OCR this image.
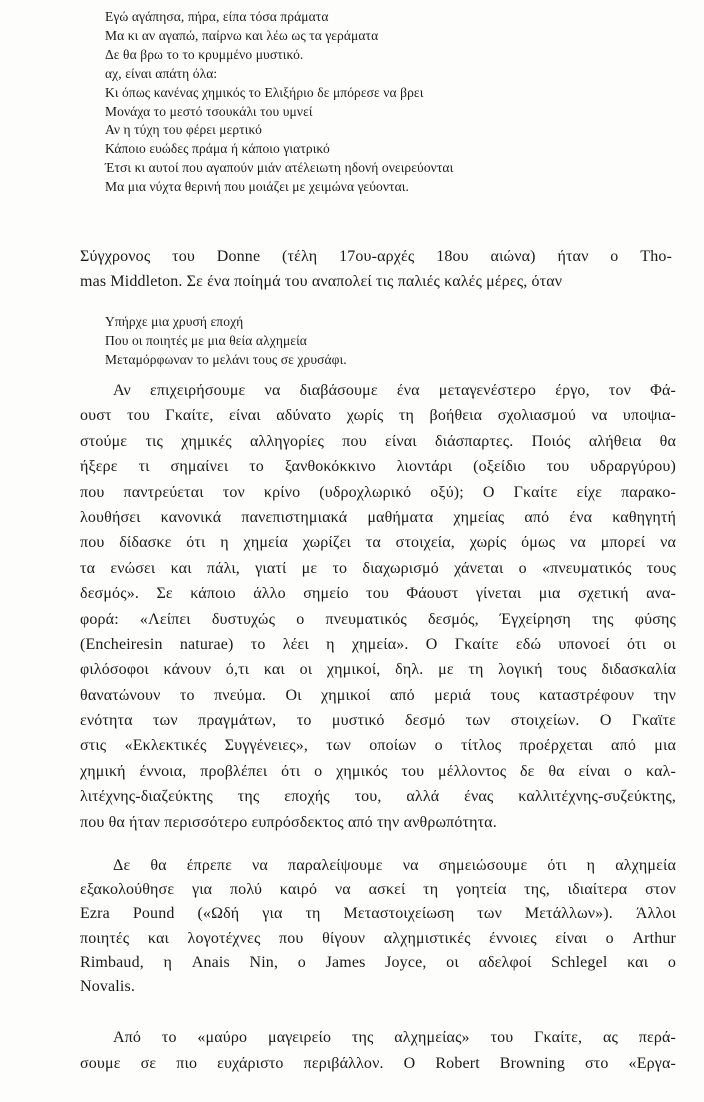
Εγώ αγάπησα, πήρα, είπα τόσα πράματα
Μα κι αν αγαπώ, παίρνω και λέω ως τα γεράματα
Δε θα βρω το το κρυμμένο μυστικό.
αχ, είναι απάτη όλα:
Κι όπως κανένας χημικός το Ελιξήριο δε μπόρεσε να βρει
Μονάχα το μεστό τσουκάλι του υμνεί
Αν η τύχη του φέρει μερτικό
Κάποιο ευώδες πράμα ή κάποιο γιατρικό
Έτσι κι αυτοί που αγαπούν μιάν ατέλειωτη ηδονή ονειρεύονται
Μα μια νύχτα θερινή που μοιάζει με χειμώνα γεύονται.
Σύγχρονος του Donne (τέλη 17ου-αρχές 18ου αιώνα) ήταν ο Tho-
mas Middleton. Σε ένα ποίημά του αναπολεί τις παλιές καλές μέρες, όταν
Υπήρχε μια χρυσή εποχή
Που οι ποιητές με μια θεία αλχημεία
Μεταμόρφωναν το μελάνι τους σε χρυσάφι.
Αν επιχειρήσουμε να διαβάσουμε ένα μεταγενέστερο έργο, τον Φά-
ουστ του Γκαίτε, είναι αδύνατο χωρίς τη βοήθεια σχολιασμού να υποψια-
στούμε τις χημικές αλληγορίες που είναι διάσπαρτες. Ποιός αλήθεια θα
ήξερε τι σημαίνει το ξανθοκόκκινο λιοντάρι (οξείδιο του υδραργύρου)
που παντρεύεται τον κρίνο (υδροχλωρικό οξύ); Ο Γκαίτε είχε παρακο-
λουθήσει κανονικά πανεπιστημιακά μαθήματα χημείας από ένα καθηγητή
που δίδασκε ότι η χημεία χωρίζει τα στοιχεία, χωρίς όμως να μπορεί να
τα ενώσει και πάλι, γιατί με το διαχωρισμό χάνεται ο «πνευματικός τους
δεσμός». Σε κάποιο άλλο σημείο του Φάουστ γίνεται μια σχετική ανα-
φορά: «Λείπει δυστυχώς ο πνευματικός δεσμός, Έγχείρηση της φύσης
(Encheiresin naturae) το λέει η χημεία». Ο Γκαίτε εδώ υπονοεί ότι οι
φιλόσοφοι κάνουν ό,τι και οι χημικοί, δηλ. με τη λογική τους διδασκαλία
θανατώνουν το πνεύμα. Οι χημικοί από μεριά τους καταστρέφουν την
ενότητα των πραγμάτων, το μυστικό δεσμό των στοιχείων. Ο Γκαϊτε
στις «Εκλεκτικές Συγγένειες», των οποίων ο τίτλος προέρχεται από μια
χημική έννοια, προβλέπει ότι ο χημικός του μέλλοντος δε θα είναι ο καλ-
λιτέχνης-διαζεύκτης της εποχής του, αλλά ένας καλλιτέχνης-συζεύκτης,
που θα ήταν περισσότερο ευπρόσδεκτος από την ανθρωπότητα.
Δε θα έπρεπε να παραλείψουμε να σημειώσουμε ότι η αλχημεία
εξακολούθησε για πολύ καιρό να ασκεί τη γοητεία της, ιδιαίτερα στον
Ezra Pound («Ωδή για τη Μεταστοιχείωση των Μετάλλων»). Άλλοι
ποιητές και λογοτέχνες που θίγουν αλχημιστικές έννοιες είναι ο Arthur
Rimbaud, η Anais Nin, ο James Joyce, οι αδελφοί Schlegel και ο
Novalis.
Από το «μαύρο μαγειρείο της αλχημείας» του Γκαίτε, ας περά-
σουμε σε πιο ευχάριστο περιβάλλον. Ο Robert Browning στο «Εργα-
